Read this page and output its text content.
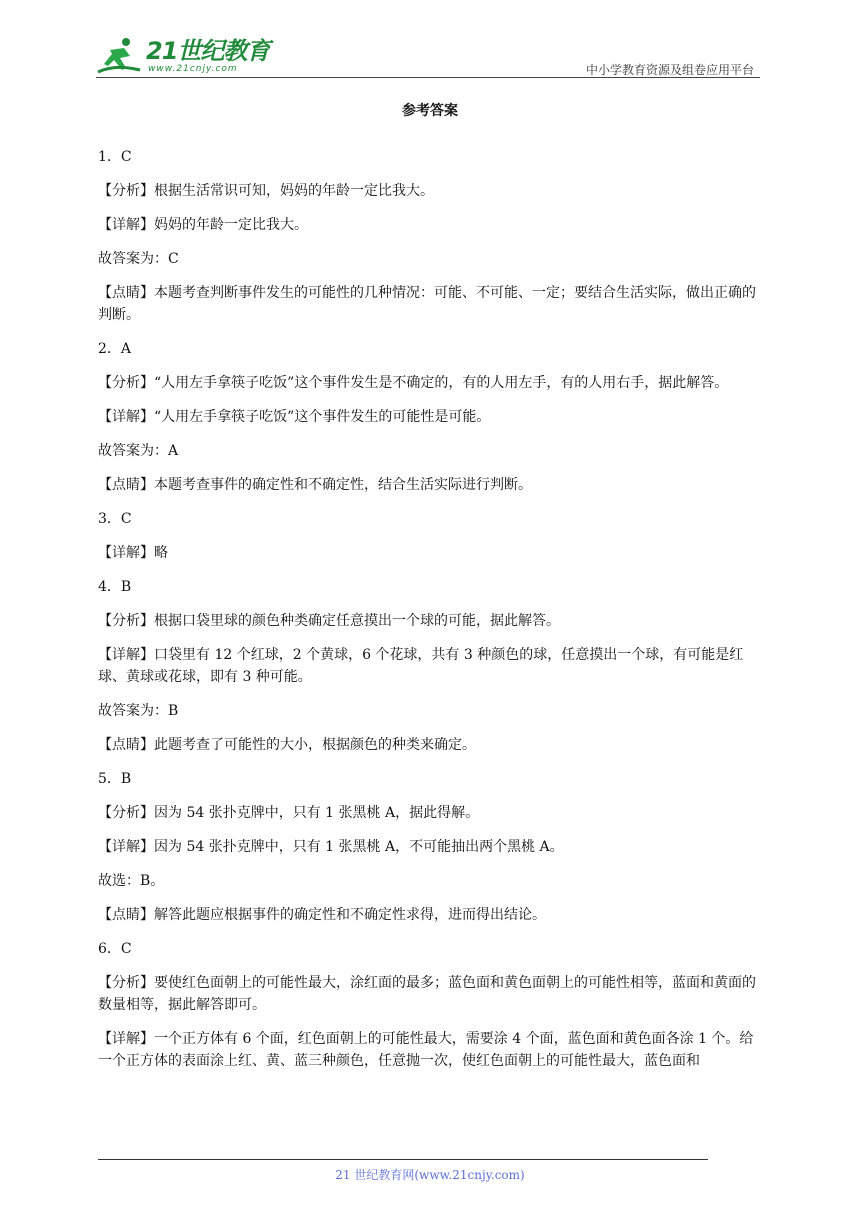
21世纪教育
www.21cnjy.com	中小学教育资源及组卷应用平台
参考答案
1．C
【分析】根据生活常识可知，妈妈的年龄一定比我大。
【详解】妈妈的年龄一定比我大。
故答案为：C
【点睛】本题考查判断事件发生的可能性的几种情况：可能、不可能、一定；要结合生活实际，做出正确的判断。
2．A
【分析】“人用左手拿筷子吃饭”这个事件发生是不确定的，有的人用左手，有的人用右手，据此解答。
【详解】“人用左手拿筷子吃饭”这个事件发生的可能性是可能。
故答案为：A
【点睛】本题考查事件的确定性和不确定性，结合生活实际进行判断。
3．C
【详解】略
4．B
【分析】根据口袋里球的颜色种类确定任意摸出一个球的可能，据此解答。
【详解】口袋里有 12 个红球，2 个黄球，6 个花球，共有 3 种颜色的球，任意摸出一个球，有可能是红球、黄球或花球，即有 3 种可能。
故答案为：B
【点睛】此题考查了可能性的大小，根据颜色的种类来确定。
5．B
【分析】因为 54 张扑克牌中，只有 1 张黑桃 A，据此得解。
【详解】因为 54 张扑克牌中，只有 1 张黑桃 A，不可能抽出两个黑桃 A。
故选：B。
【点睛】解答此题应根据事件的确定性和不确定性求得，进而得出结论。
6．C
【分析】要使红色面朝上的可能性最大，涂红面的最多；蓝色面和黄色面朝上的可能性相等，蓝面和黄面的数量相等，据此解答即可。
【详解】一个正方体有 6 个面，红色面朝上的可能性最大，需要涂 4 个面，蓝色面和黄色面各涂 1 个。给一个正方体的表面涂上红、黄、蓝三种颜色，任意抛一次，使红色面朝上的可能性最大，蓝色面和
21 世纪教育网(www.21cnjy.com)
